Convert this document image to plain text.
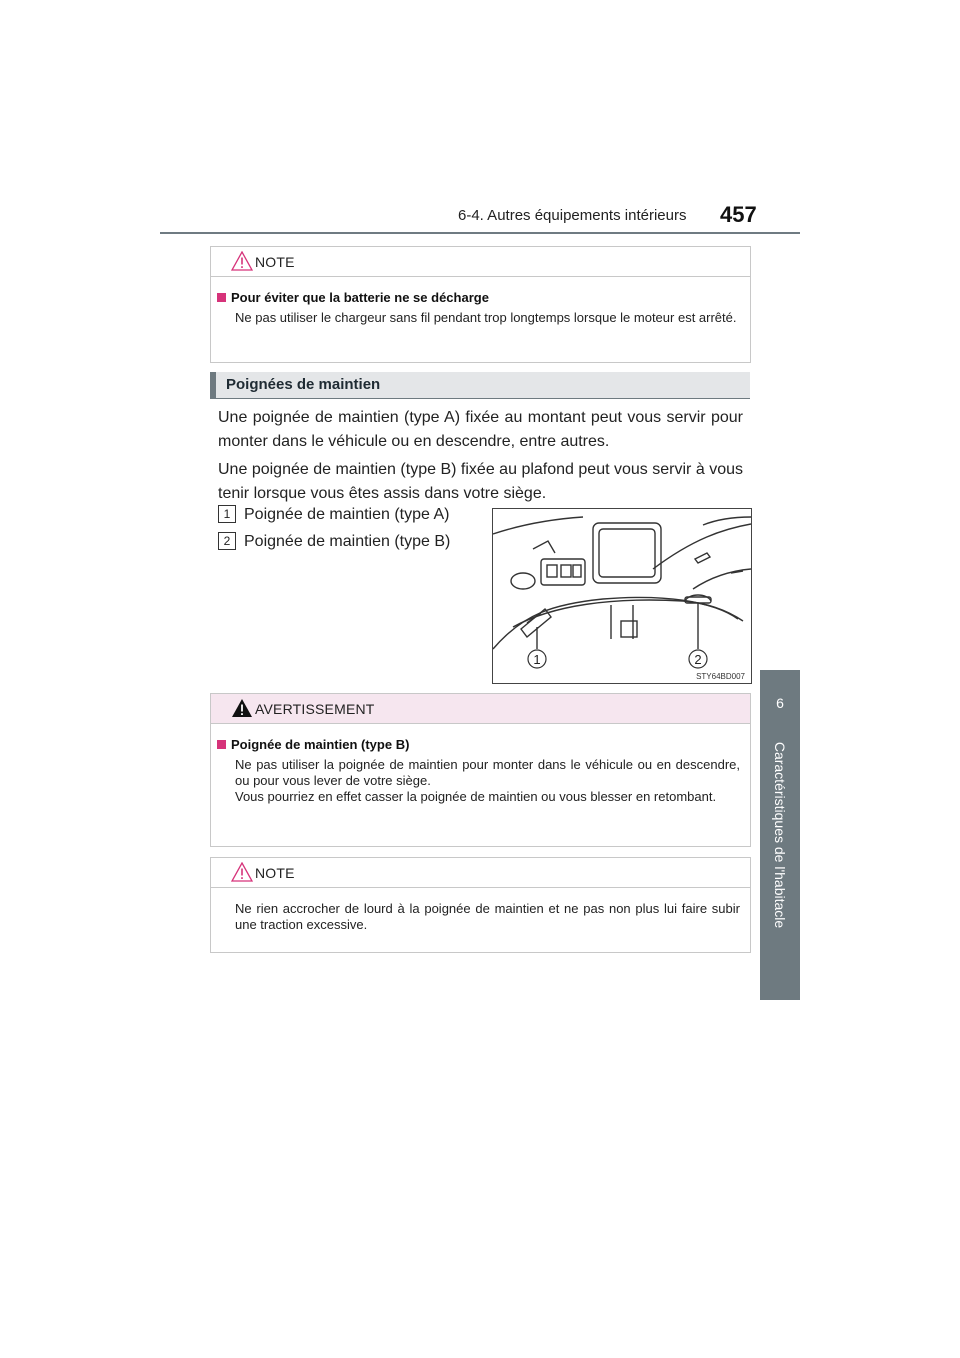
6-4. Autres équipements intérieurs 457
6
Caractéristiques de l'habitacle
NOTE
Pour éviter que la batterie ne se décharge
Ne pas utiliser le chargeur sans fil pendant trop longtemps lorsque le moteur est arrêté.
Poignées de maintien
Une poignée de maintien (type A) fixée au montant peut vous servir pour monter dans le véhicule ou en descendre, entre autres.
Une poignée de maintien (type B) fixée au plafond peut vous servir à vous tenir lorsque vous êtes assis dans votre siège.
1 Poignée de maintien (type A)
2 Poignée de maintien (type B)
1	2
STY64BD007
AVERTISSEMENT
Poignée de maintien (type B)
Ne pas utiliser la poignée de maintien pour monter dans le véhicule ou en descendre, ou pour vous lever de votre siège.
Vous pourriez en effet casser la poignée de maintien ou vous blesser en retombant.
NOTE
Ne rien accrocher de lourd à la poignée de maintien et ne pas non plus lui faire subir une traction excessive.
